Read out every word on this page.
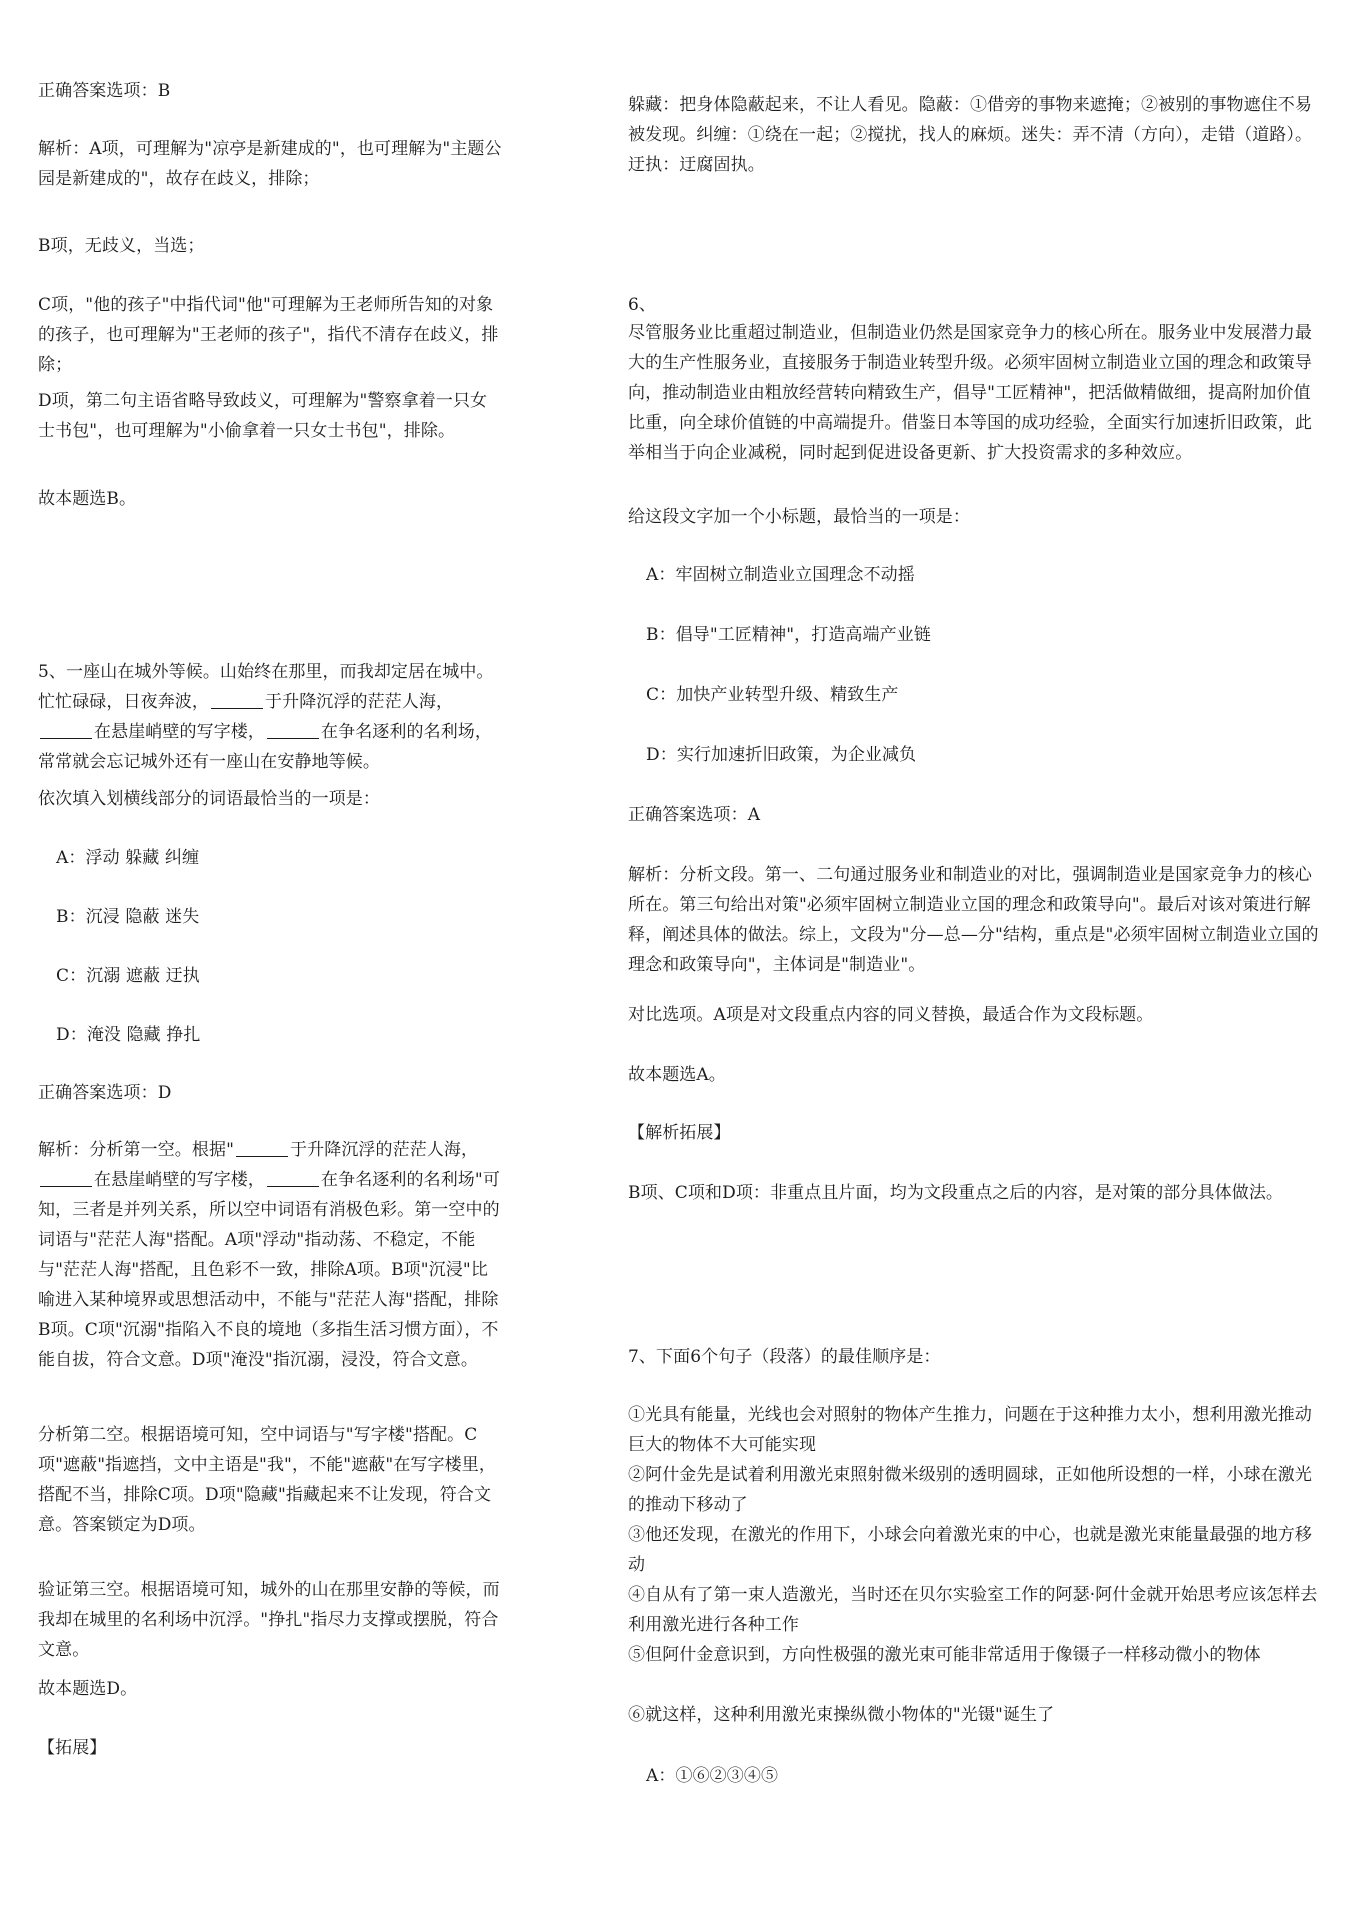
正确答案选项：B

解析：A项，可理解为"凉亭是新建成的"，也可理解为"主题公园是新建成的"，故存在歧义，排除；

B项，无歧义，当选；

C项，"他的孩子"中指代词"他"可理解为王老师所告知的对象的孩子，也可理解为"王老师的孩子"，指代不清存在歧义，排除；

D项，第二句主语省略导致歧义，可理解为"警察拿着一只女士书包"，也可理解为"小偷拿着一只女士书包"，排除。

故本题选B。

5、一座山在城外等候。山始终在那里，而我却定居在城中。忙忙碌碌，日夜奔波，	于升降沉浮的茫茫人海，在悬崖峭壁的写字楼，	在争名逐利的名利场，常常就会忘记城外还有一座山在安静地等候。

依次填入划横线部分的词语最恰当的一项是：

A：浮动 躲藏 纠缠

B：沉浸 隐蔽 迷失

C：沉溺 遮蔽 迂执

D：淹没 隐藏 挣扎

正确答案选项：D

解析：分析第一空。根据"	于升降沉浮的茫茫人海，在悬崖峭壁的写字楼，	在争名逐利的名利场"可知，三者是并列关系，所以空中词语有消极色彩。第一空中的词语与"茫茫人海"搭配。A项"浮动"指动荡、不稳定，不能与"茫茫人海"搭配，且色彩不一致，排除A项。B项"沉浸"比喻进入某种境界或思想活动中，不能与"茫茫人海"搭配，排除B项。C项"沉溺"指陷入不良的境地（多指生活习惯方面），不能自拔，符合文意。D项"淹没"指沉溺，浸没，符合文意。

分析第二空。根据语境可知，空中词语与"写字楼"搭配。C项"遮蔽"指遮挡，文中主语是"我"，不能"遮蔽"在写字楼里，搭配不当，排除C项。D项"隐藏"指藏起来不让发现，符合文意。答案锁定为D项。

验证第三空。根据语境可知，城外的山在那里安静的等候，而我却在城里的名利场中沉浮。"挣扎"指尽力支撑或摆脱，符合文意。

故本题选D。

【拓展】

躲藏：把身体隐蔽起来，不让人看见。隐蔽：①借旁的事物来遮掩；②被别的事物遮住不易被发现。纠缠：①绕在一起；②搅扰，找人的麻烦。迷失：弄不清（方向），走错（道路）。迂执：迂腐固执。

6、

尽管服务业比重超过制造业，但制造业仍然是国家竞争力的核心所在。服务业中发展潜力最大的生产性服务业，直接服务于制造业转型升级。必须牢固树立制造业立国的理念和政策导向，推动制造业由粗放经营转向精致生产，倡导"工匠精神"，把活做精做细，提高附加价值比重，向全球价值链的中高端提升。借鉴日本等国的成功经验，全面实行加速折旧政策，此举相当于向企业减税，同时起到促进设备更新、扩大投资需求的多种效应。

给这段文字加一个小标题，最恰当的一项是：

A：牢固树立制造业立国理念不动摇

B：倡导"工匠精神"，打造高端产业链

C：加快产业转型升级、精致生产

D：实行加速折旧政策，为企业减负

正确答案选项：A

解析：分析文段。第一、二句通过服务业和制造业的对比，强调制造业是国家竞争力的核心所在。第三句给出对策"必须牢固树立制造业立国的理念和政策导向"。最后对该对策进行解释，阐述具体的做法。综上，文段为"分—总—分"结构，重点是"必须牢固树立制造业立国的理念和政策导向"，主体词是"制造业"。

对比选项。A项是对文段重点内容的同义替换，最适合作为文段标题。

故本题选A。

【解析拓展】

B项、C项和D项：非重点且片面，均为文段重点之后的内容，是对策的部分具体做法。

7、下面6个句子（段落）的最佳顺序是：

①光具有能量，光线也会对照射的物体产生推力，问题在于这种推力太小，想利用激光推动巨大的物体不大可能实现

②阿什金先是试着利用激光束照射微米级别的透明圆球，正如他所设想的一样，小球在激光的推动下移动了

③他还发现，在激光的作用下，小球会向着激光束的中心，也就是激光束能量最强的地方移动

④自从有了第一束人造激光，当时还在贝尔实验室工作的阿瑟·阿什金就开始思考应该怎样去利用激光进行各种工作

⑤但阿什金意识到，方向性极强的激光束可能非常适用于像镊子一样移动微小的物体

⑥就这样，这种利用激光束操纵微小物体的"光镊"诞生了

A：①⑥②③④⑤
